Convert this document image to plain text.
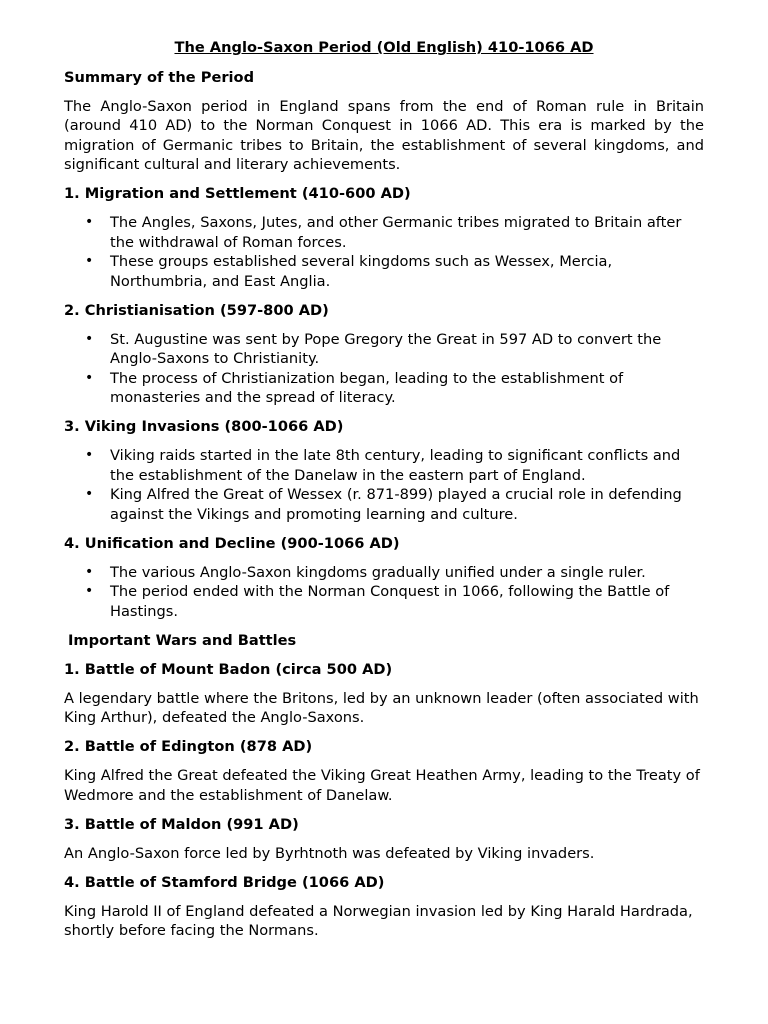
The Anglo-Saxon Period (Old English) 410-1066 AD
Summary of the Period
The Anglo-Saxon period in England spans from the end of Roman rule in Britain (around 410 AD) to the Norman Conquest in 1066 AD. This era is marked by the migration of Germanic tribes to Britain, the establishment of several kingdoms, and significant cultural and literary achievements.
1. Migration and Settlement (410-600 AD)
• The Angles, Saxons, Jutes, and other Germanic tribes migrated to Britain after the withdrawal of Roman forces.
• These groups established several kingdoms such as Wessex, Mercia, Northumbria, and East Anglia.
2. Christianisation (597-800 AD)
• St. Augustine was sent by Pope Gregory the Great in 597 AD to convert the Anglo-Saxons to Christianity.
• The process of Christianization began, leading to the establishment of monasteries and the spread of literacy.
3. Viking Invasions (800-1066 AD)
• Viking raids started in the late 8th century, leading to significant conflicts and the establishment of the Danelaw in the eastern part of England.
• King Alfred the Great of Wessex (r. 871-899) played a crucial role in defending against the Vikings and promoting learning and culture.
4. Unification and Decline (900-1066 AD)
• The various Anglo-Saxon kingdoms gradually unified under a single ruler.
• The period ended with the Norman Conquest in 1066, following the Battle of Hastings.
Important Wars and Battles
1. Battle of Mount Badon (circa 500 AD)
A legendary battle where the Britons, led by an unknown leader (often associated with King Arthur), defeated the Anglo-Saxons.
2. Battle of Edington (878 AD)
King Alfred the Great defeated the Viking Great Heathen Army, leading to the Treaty of Wedmore and the establishment of Danelaw.
3. Battle of Maldon (991 AD)
An Anglo-Saxon force led by Byrhtnoth was defeated by Viking invaders.
4. Battle of Stamford Bridge (1066 AD)
King Harold II of England defeated a Norwegian invasion led by King Harald Hardrada, shortly before facing the Normans.
